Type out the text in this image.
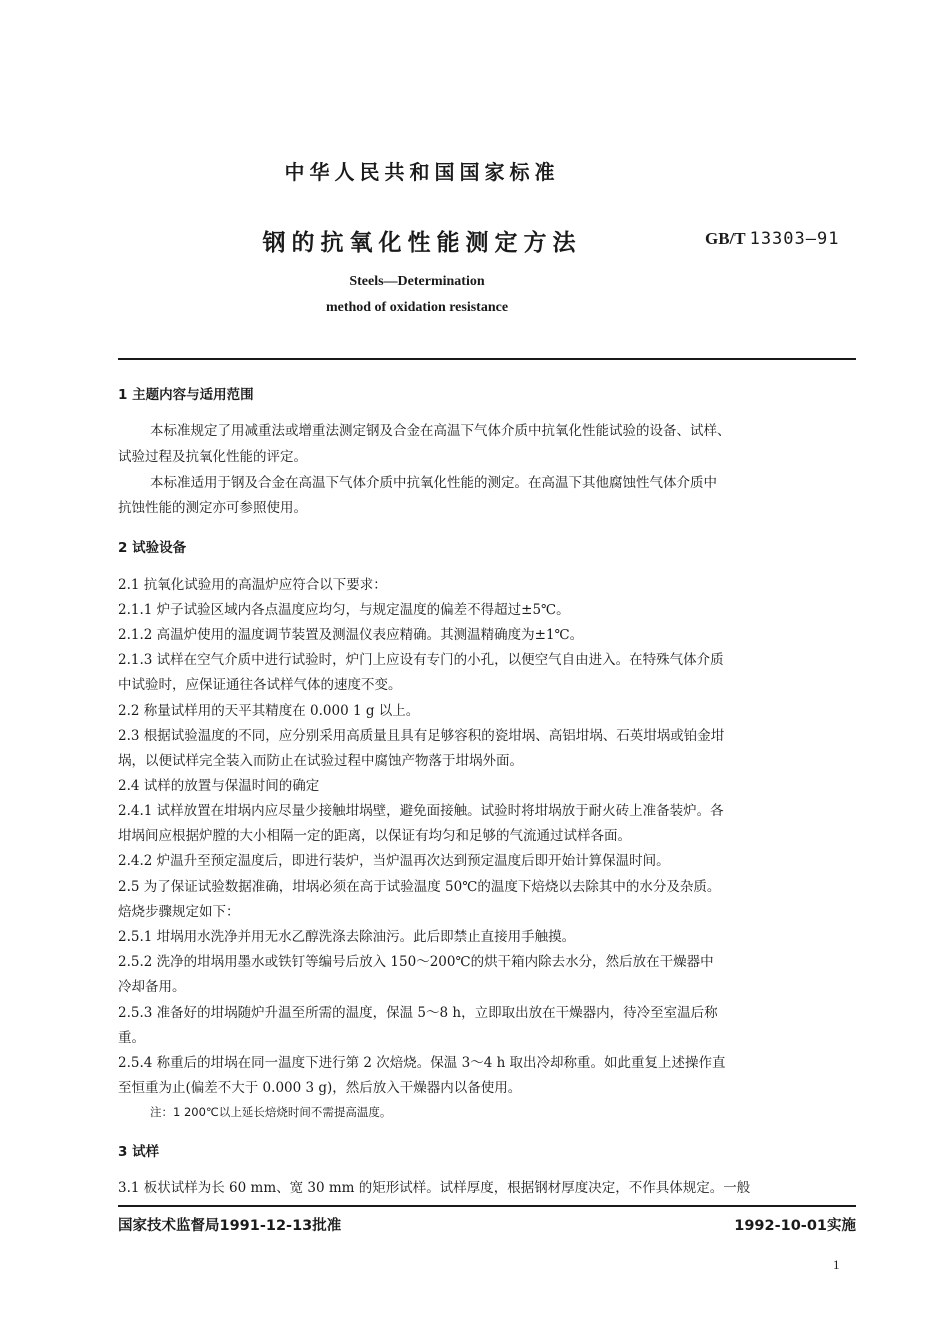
中华人民共和国国家标准
钢的抗氧化性能测定方法	GB/T 13303—91
Steels—Determination
method of oxidation resistance
1 主题内容与适用范围
本标准规定了用减重法或增重法测定钢及合金在高温下气体介质中抗氧化性能试验的设备、试样、
试验过程及抗氧化性能的评定。
本标准适用于钢及合金在高温下气体介质中抗氧化性能的测定。在高温下其他腐蚀性气体介质中
抗蚀性能的测定亦可参照使用。
2 试验设备
2.1 抗氧化试验用的高温炉应符合以下要求：
2.1.1 炉子试验区域内各点温度应均匀，与规定温度的偏差不得超过±5℃。
2.1.2 高温炉使用的温度调节装置及测温仪表应精确。其测温精确度为±1℃。
2.1.3 试样在空气介质中进行试验时，炉门上应设有专门的小孔，以便空气自由进入。在特殊气体介质
中试验时，应保证通往各试样气体的速度不变。
2.2 称量试样用的天平其精度在 0.000 1 g 以上。
2.3 根据试验温度的不同，应分别采用高质量且具有足够容积的瓷坩埚、高铝坩埚、石英坩埚或铂金坩
埚，以便试样完全装入而防止在试验过程中腐蚀产物落于坩埚外面。
2.4 试样的放置与保温时间的确定
2.4.1 试样放置在坩埚内应尽量少接触坩埚壁，避免面接触。试验时将坩埚放于耐火砖上准备装炉。各
坩埚间应根据炉膛的大小相隔一定的距离，以保证有均匀和足够的气流通过试样各面。
2.4.2 炉温升至预定温度后，即进行装炉，当炉温再次达到预定温度后即开始计算保温时间。
2.5 为了保证试验数据准确，坩埚必须在高于试验温度 50℃的温度下焙烧以去除其中的水分及杂质。
焙烧步骤规定如下：
2.5.1 坩埚用水洗净并用无水乙醇洗涤去除油污。此后即禁止直接用手触摸。
2.5.2 洗净的坩埚用墨水或铁钉等编号后放入 150～200℃的烘干箱内除去水分，然后放在干燥器中
冷却备用。
2.5.3 准备好的坩埚随炉升温至所需的温度，保温 5～8 h，立即取出放在干燥器内，待冷至室温后称
重。
2.5.4 称重后的坩埚在同一温度下进行第 2 次焙烧。保温 3～4 h 取出冷却称重。如此重复上述操作直
至恒重为止(偏差不大于 0.000 3 g)，然后放入干燥器内以备使用。
注：1 200℃以上延长焙烧时间不需提高温度。
3 试样
3.1 板状试样为长 60 mm、宽 30 mm 的矩形试样。试样厚度，根据钢材厚度决定，不作具体规定。一般
国家技术监督局1991-12-13批准	1992-10-01实施
1
